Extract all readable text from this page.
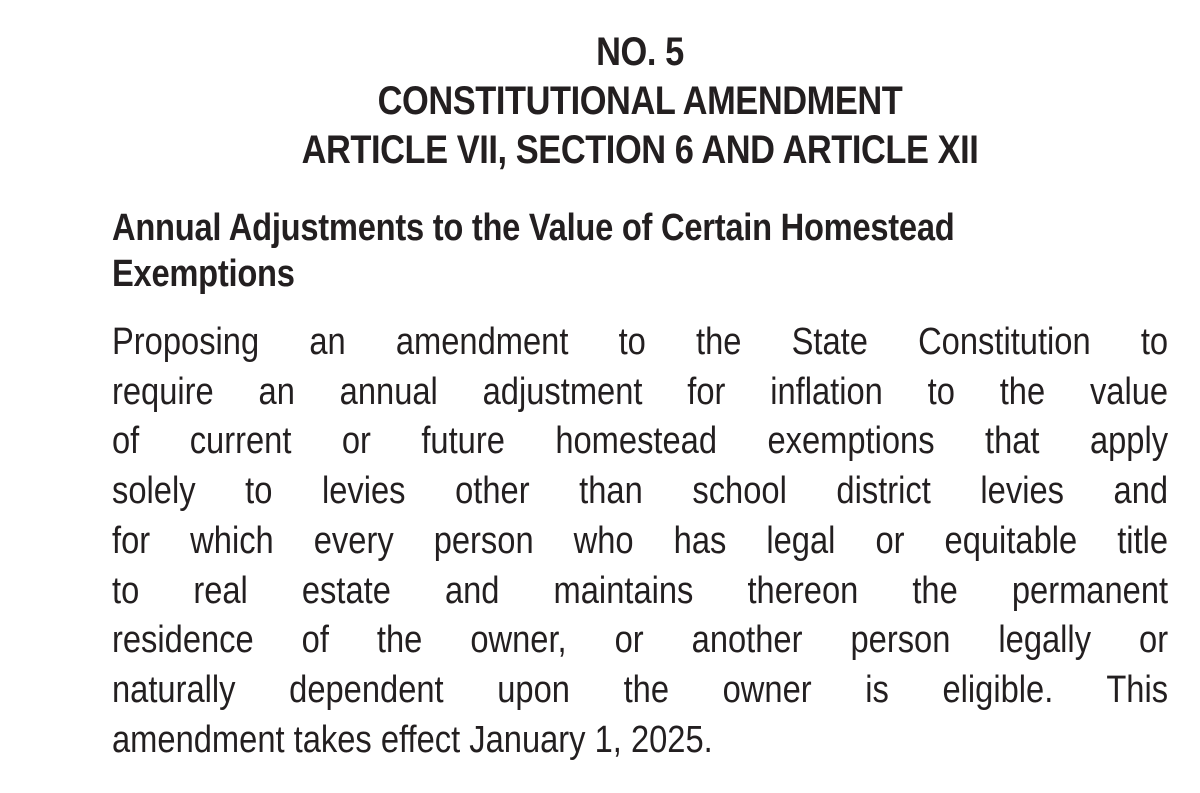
NO. 5
CONSTITUTIONAL AMENDMENT
ARTICLE VII, SECTION 6 AND ARTICLE XII
Annual Adjustments to the Value of Certain Homestead
Exemptions
Proposing an amendment to the State Constitution to
require an annual adjustment for inflation to the value
of current or future homestead exemptions that apply
solely to levies other than school district levies and
for which every person who has legal or equitable title
to real estate and maintains thereon the permanent
residence of the owner, or another person legally or
naturally dependent upon the owner is eligible. This
amendment takes effect January 1, 2025.
